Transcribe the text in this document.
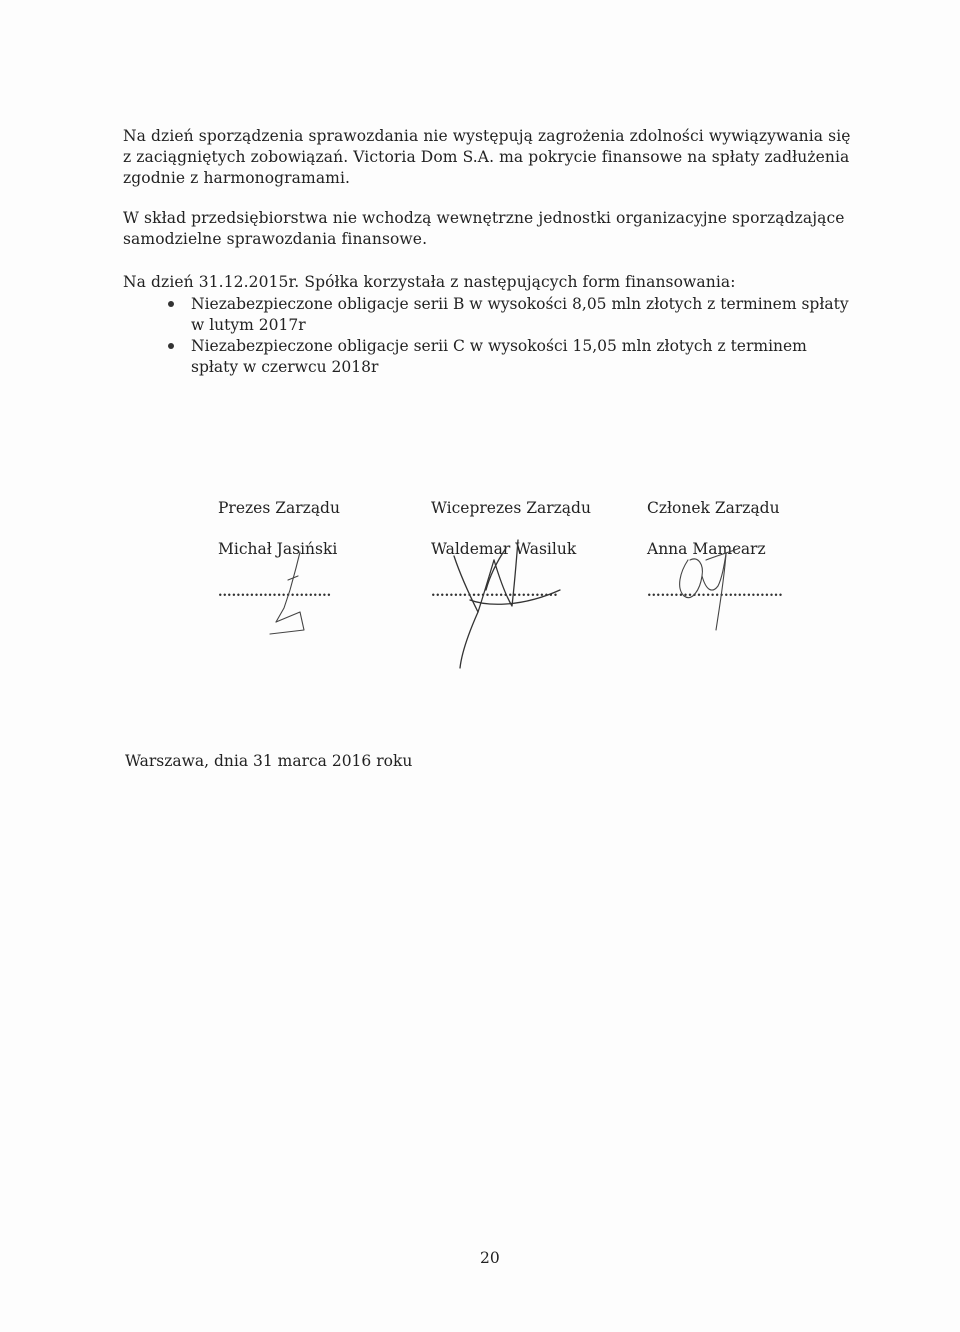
Na dzień sporządzenia sprawozdania nie występują zagrożenia zdolności wywiązywania się z zaciągniętych zobowiązań. Victoria Dom S.A. ma pokrycie finansowe na spłaty zadłużenia zgodnie z harmonogramami.
W skład przedsiębiorstwa nie wchodzą wewnętrzne jednostki organizacyjne sporządzające samodzielne sprawozdania finansowe.
Na dzień 31.12.2015r. Spółka korzystała z następujących form finansowania:
Niezabezpieczone obligacje serii B w wysokości 8,05 mln złotych z terminem spłaty w lutym 2017r
Niezabezpieczone obligacje serii C w wysokości 15,05 mln złotych z terminem spłaty w czerwcu 2018r
Prezes Zarządu
Michał Jasiński
.........................
Wiceprezes Zarządu
Waldemar Wasiluk
............................
Członek Zarządu
Anna Mamcarz
..............................
Warszawa, dnia 31 marca 2016 roku
20
